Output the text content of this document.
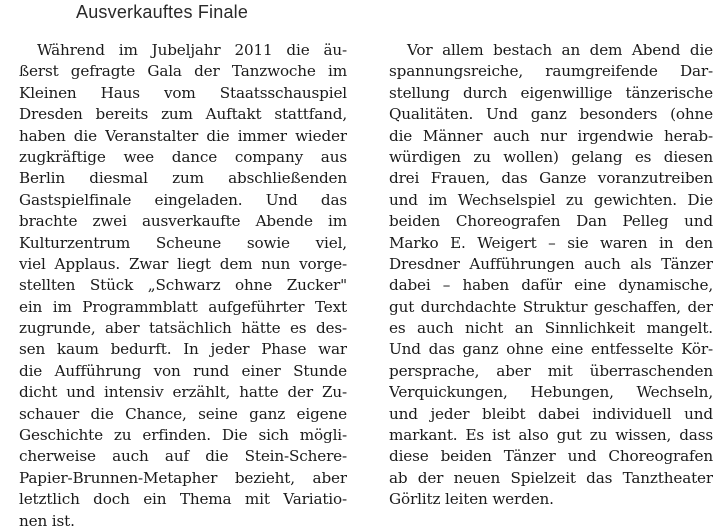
Ausverkauftes Finale
Während im Jubeljahr 2011 die äu-
ßerst gefragte Gala der Tanzwoche im
Kleinen Haus vom Staatsschauspiel
Dresden bereits zum Auftakt stattfand,
haben die Veranstalter die immer wieder
zugkräftige wee dance company aus
Berlin diesmal zum abschließenden
Gastspielfinale eingeladen. Und das
brachte zwei ausverkaufte Abende im
Kulturzentrum Scheune sowie viel,
viel Applaus. Zwar liegt dem nun vorge-
stellten Stück „Schwarz ohne Zucker"
ein im Programmblatt aufgeführter Text
zugrunde, aber tatsächlich hätte es des-
sen kaum bedurft. In jeder Phase war
die Aufführung von rund einer Stunde
dicht und intensiv erzählt, hatte der Zu-
schauer die Chance, seine ganz eigene
Geschichte zu erfinden. Die sich mögli-
cherweise auch auf die Stein-Schere-
Papier-Brunnen-Metapher bezieht, aber
letztlich doch ein Thema mit Variatio-
nen ist.
Vor allem bestach an dem Abend die
spannungsreiche, raumgreifende Dar-
stellung durch eigenwillige tänzerische
Qualitäten. Und ganz besonders (ohne
die Männer auch nur irgendwie herab-
würdigen zu wollen) gelang es diesen
drei Frauen, das Ganze voranzutreiben
und im Wechselspiel zu gewichten. Die
beiden Choreografen Dan Pelleg und
Marko E. Weigert – sie waren in den
Dresdner Aufführungen auch als Tänzer
dabei – haben dafür eine dynamische,
gut durchdachte Struktur geschaffen, der
es auch nicht an Sinnlichkeit mangelt.
Und das ganz ohne eine entfesselte Kör-
persprache, aber mit überraschenden
Verquickungen, Hebungen, Wechseln,
und jeder bleibt dabei individuell und
markant. Es ist also gut zu wissen, dass
diese beiden Tänzer und Choreografen
ab der neuen Spielzeit das Tanztheater
Görlitz leiten werden.
